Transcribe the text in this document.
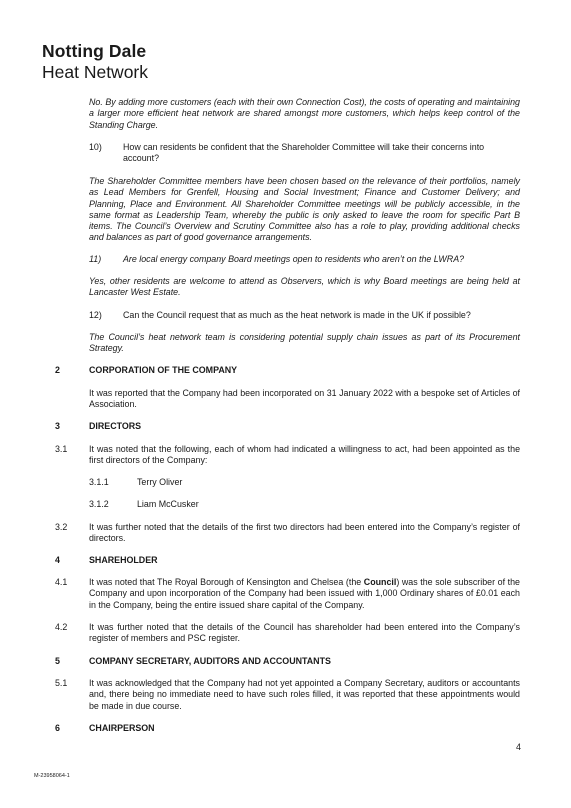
Notting Dale
Heat Network

No. By adding more customers (each with their own Connection Cost), the costs of operating and maintaining a larger more efficient heat network are shared amongst more customers, which helps keep control of the Standing Charge.

10) How can residents be confident that the Shareholder Committee will take their concerns into account?

The Shareholder Committee members have been chosen based on the relevance of their portfolios, namely as Lead Members for Grenfell, Housing and Social Investment; Finance and Customer Delivery; and Planning, Place and Environment. All Shareholder Committee meetings will be publicly accessible, in the same format as Leadership Team, whereby the public is only asked to leave the room for specific Part B items. The Council’s Overview and Scrutiny Committee also has a role to play, providing additional checks and balances as part of good governance arrangements.

11) Are local energy company Board meetings open to residents who aren’t on the LWRA?

Yes, other residents are welcome to attend as Observers, which is why Board meetings are being held at Lancaster West Estate.

12) Can the Council request that as much as the heat network is made in the UK if possible?

The Council’s heat network team is considering potential supply chain issues as part of its Procurement Strategy.

2	CORPORATION OF THE COMPANY

It was reported that the Company had been incorporated on 31 January 2022 with a bespoke set of Articles of Association.

3	DIRECTORS
3.1 It was noted that the following, each of whom had indicated a willingness to act, had been appointed as the first directors of the Company:

3.1.1	Terry Oliver
3.1.2	Liam McCusker
3.2 It was further noted that the details of the first two directors had been entered into the Company’s register of directors.

4	SHAREHOLDER
4.1 It was noted that The Royal Borough of Kensington and Chelsea (the Council) was the sole subscriber of the Company and upon incorporation of the Company had been issued with 1,000 Ordinary shares of £0.01 each in the Company, being the entire issued share capital of the Company.

4.2 It was further noted that the details of the Council has shareholder had been entered into the Company’s register of members and PSC register.

5	COMPANY SECRETARY, AUDITORS AND ACCOUNTANTS
5.1 It was acknowledged that the Company had not yet appointed a Company Secretary, auditors or accountants and, there being no immediate need to have such roles filled, it was reported that these appointments would be made in due course.

6	CHAIRPERSON
4
M-23958064-1
